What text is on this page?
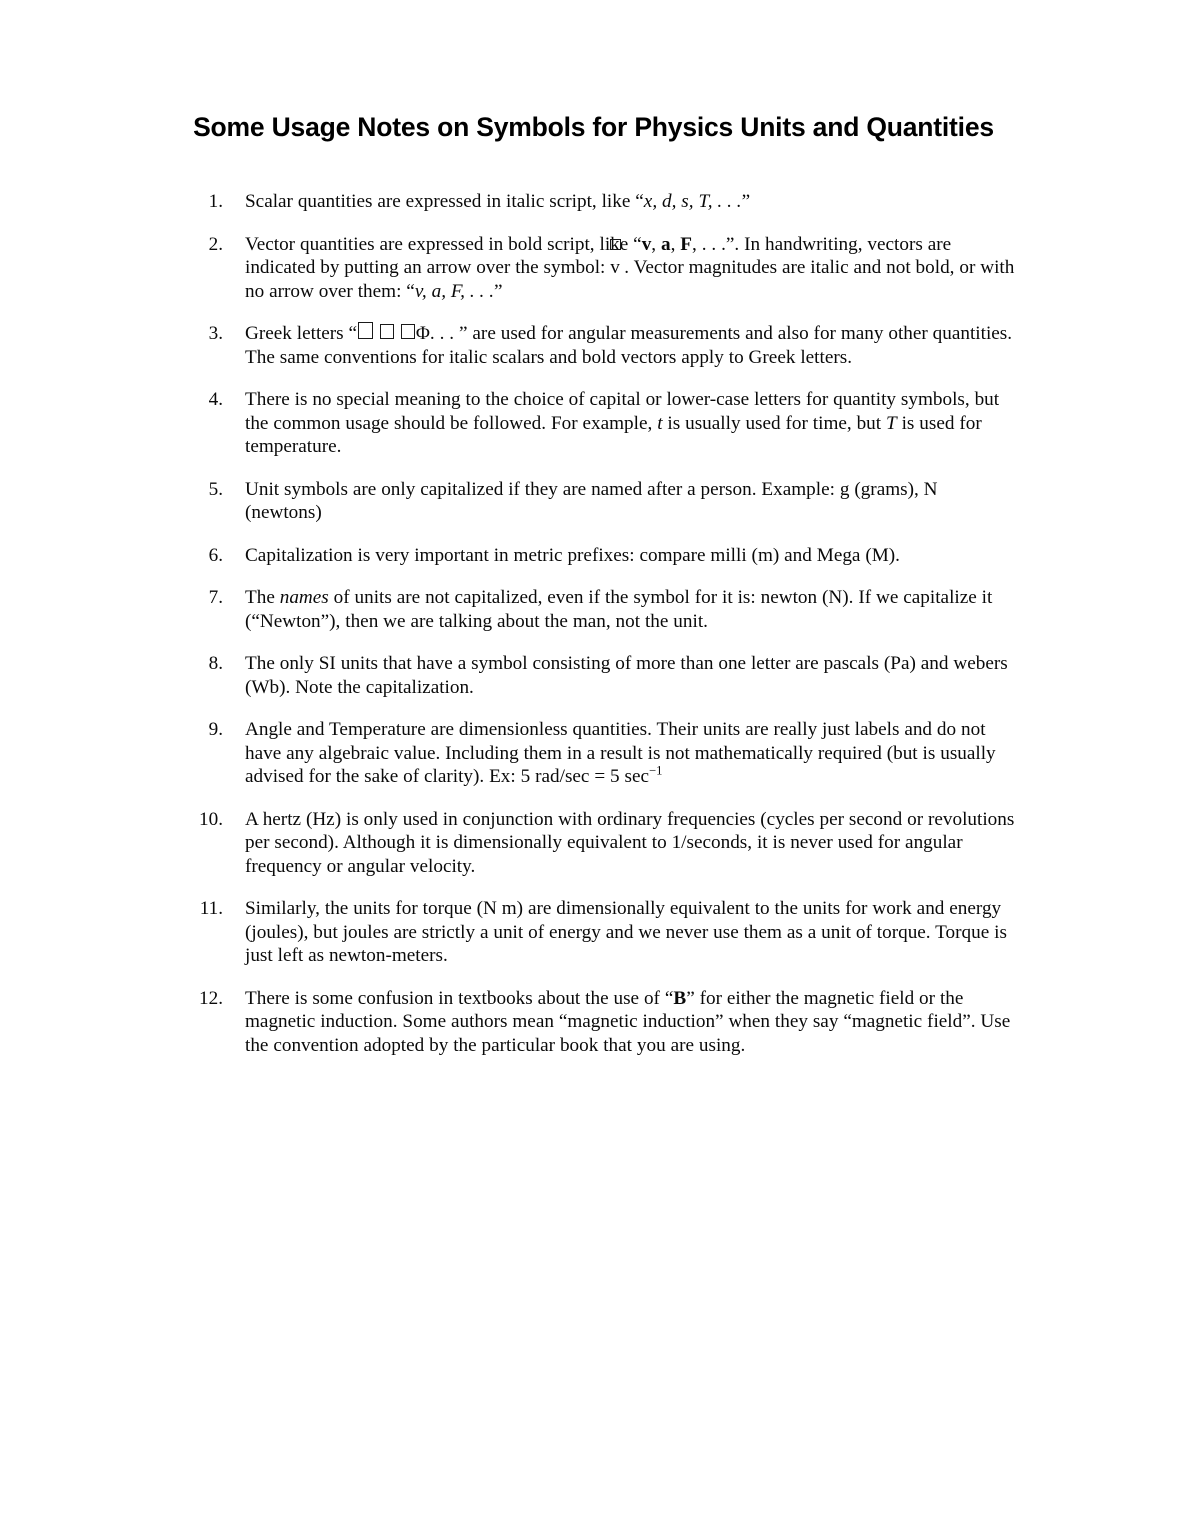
Some Usage Notes on Symbols for Physics Units and Quantities
1.	Scalar quantities are expressed in italic script, like “x, d, s, T, . . .”
2.	Vector quantities are expressed in bold script, like “v, a, F, . . .”. In handwriting, vectors are indicated by putting an arrow over the symbol:
v . Vector magnitudes are italic and not bold, or with no arrow over them: “v, a, F, . . .”
3.	Greek letters “	Φ. . . ” are used for angular measurements and also for many other quantities. The same conventions for italic scalars and bold vectors apply to Greek letters.
4.	There is no special meaning to the choice of capital or lower-case letters for quantity symbols, but the common usage should be followed. For example, t is usually used for time, but T is used for temperature.
5.	Unit symbols are only capitalized if they are named after a person. Example: g (grams), N (newtons)
6.	Capitalization is very important in metric prefixes: compare milli (m) and Mega (M).
7.	The names of units are not capitalized, even if the symbol for it is: newton (N). If we capitalize it (“Newton”), then we are talking about the man, not the unit.
8.	The only SI units that have a symbol consisting of more than one letter are pascals (Pa) and webers (Wb). Note the capitalization.
9.	Angle and Temperature are dimensionless quantities. Their units are really just labels and do not have any algebraic value. Including them in a result is not mathematically required (but is usually advised for the sake of clarity). Ex: 5 rad/sec = 5 $\sec^{-1}$
10.	A hertz (Hz) is only used in conjunction with ordinary frequencies (cycles per second or revolutions per second). Although it is dimensionally equivalent to 1/seconds, it is never used for angular frequency or angular velocity.
11.	Similarly, the units for torque (N m) are dimensionally equivalent to the units for work and energy (joules), but joules are strictly a unit of energy and we never use them as a unit of torque. Torque is just left as newton-meters.
12.	There is some confusion in textbooks about the use of “B” for either the magnetic field or the magnetic induction. Some authors mean “magnetic induction” when they say “magnetic field”. Use the convention adopted by the particular book that you are using.
